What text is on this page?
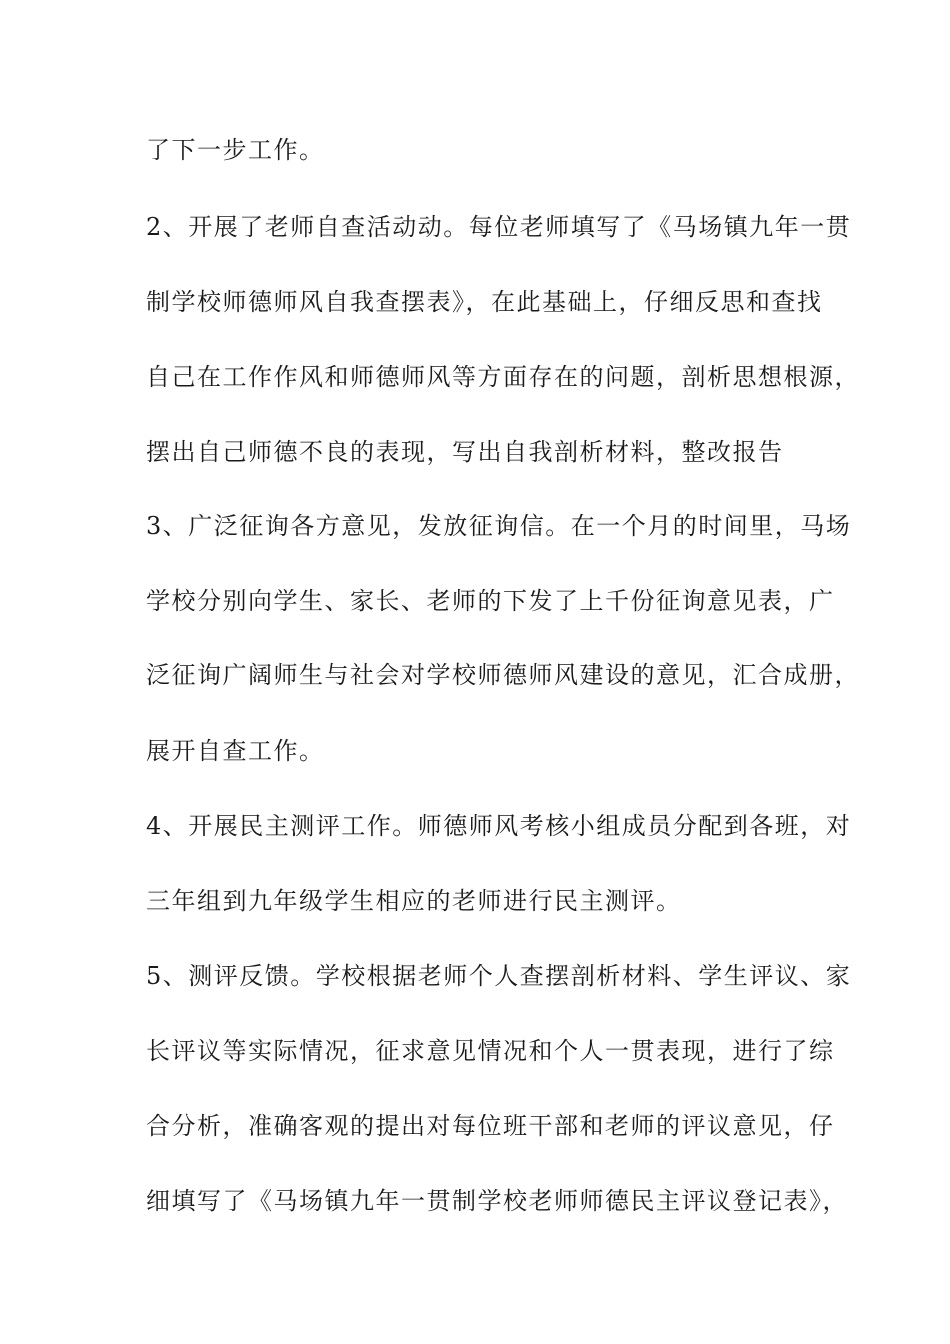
了下一步工作。
2、开展了老师自查活动动。每位老师填写了《马场镇九年一贯
制学校师德师风自我查摆表》，在此基础上，仔细反思和查找
自己在工作作风和师德师风等方面存在的问题，剖析思想根源，
摆出自己师德不良的表现，写出自我剖析材料，整改报告
3、广泛征询各方意见，发放征询信。在一个月的时间里，马场
学校分别向学生、家长、老师的下发了上千份征询意见表，广
泛征询广阔师生与社会对学校师德师风建设的意见，汇合成册，
展开自查工作。
4、开展民主测评工作。师德师风考核小组成员分配到各班，对
三年组到九年级学生相应的老师进行民主测评。
5、测评反馈。学校根据老师个人查摆剖析材料、学生评议、家
长评议等实际情况，征求意见情况和个人一贯表现，进行了综
合分析，准确客观的提出对每位班干部和老师的评议意见，仔
细填写了《马场镇九年一贯制学校老师师德民主评议登记表》，
